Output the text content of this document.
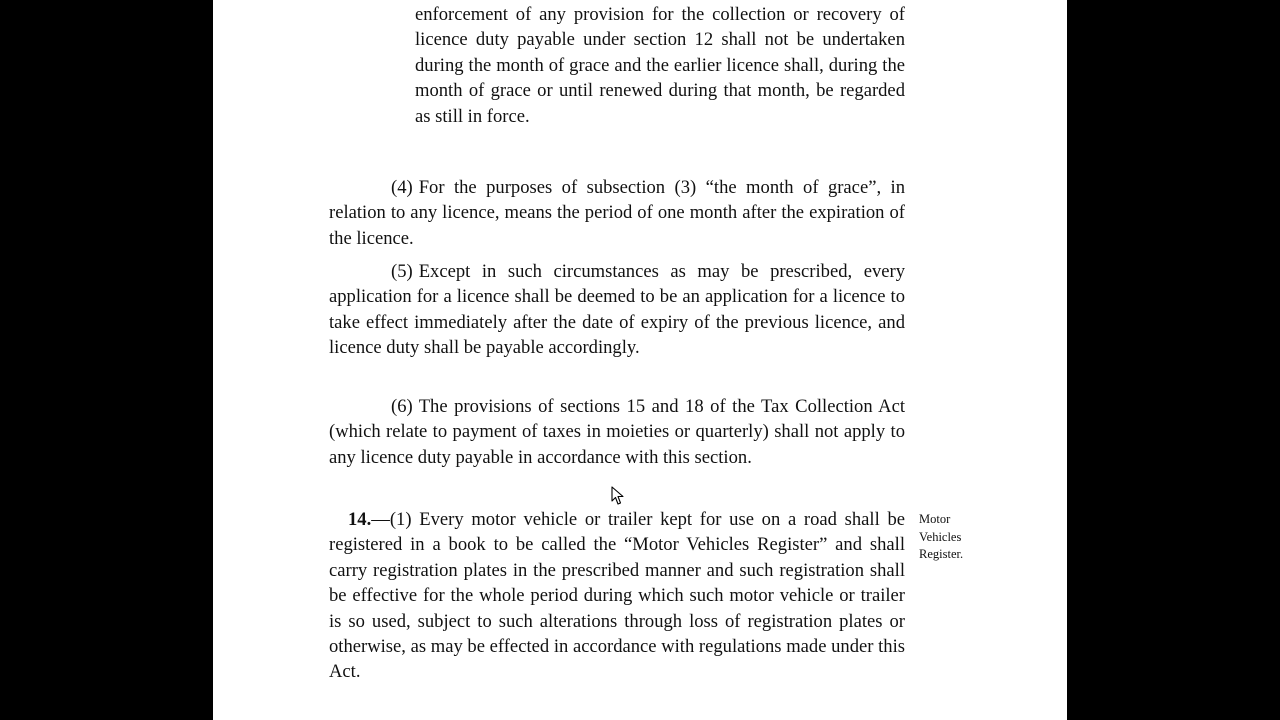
enforcement of any provision for the collection or recovery of licence duty payable under section 12 shall not be undertaken during the month of grace and the earlier licence shall, during the month of grace or until renewed during that month, be regarded as still in force.

(4) For the purposes of subsection (3) “the month of grace”, in relation to any licence, means the period of one month after the expiration of the licence.

(5) Except in such circumstances as may be prescribed, every application for a licence shall be deemed to be an application for a licence to take effect immediately after the date of expiry of the previous licence, and licence duty shall be payable accordingly.

(6) The provisions of sections 15 and 18 of the Tax Collection Act (which relate to payment of taxes in moieties or quarterly) shall not apply to any licence duty payable in accordance with this section.

14.—(1) Every motor vehicle or trailer kept for use on a road shall be registered in a book to be called the “Motor Vehicles Register” and shall carry registration plates in the prescribed manner and such registration shall be effective for the whole period during which such motor vehicle or trailer is so used, subject to such alterations through loss of registration plates or otherwise, as may be effected in accordance with regulations made under this Act.

Motor Vehicles Register.
